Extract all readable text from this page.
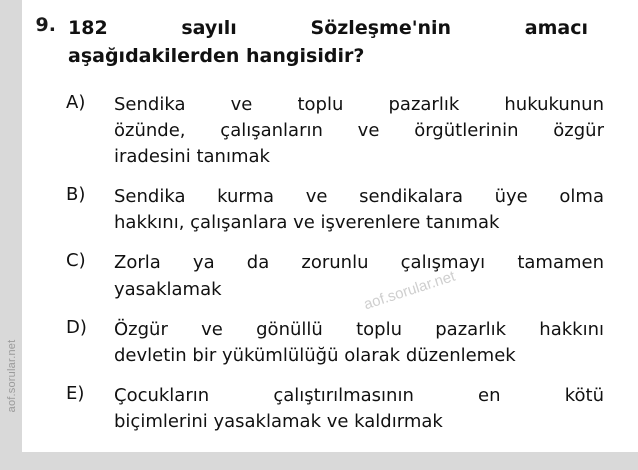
aof.sorular.net
aof.sorular.net
9. 182 sayılı Sözleşme'nin amacı
aşağıdakilerden hangisidir?
A)	Sendika ve toplu pazarlık hukukunun
özünde, çalışanların ve örgütlerinin özgür
iradesini tanımak
B)	Sendika kurma ve sendikalara üye olma
hakkını, çalışanlara ve işverenlere tanımak
C)	Zorla ya da zorunlu çalışmayı tamamen
yasaklamak
D)	Özgür ve gönüllü toplu pazarlık hakkını
devletin bir yükümlülüğü olarak düzenlemek
E)	Çocukların çalıştırılmasının en kötü
biçimlerini yasaklamak ve kaldırmak
